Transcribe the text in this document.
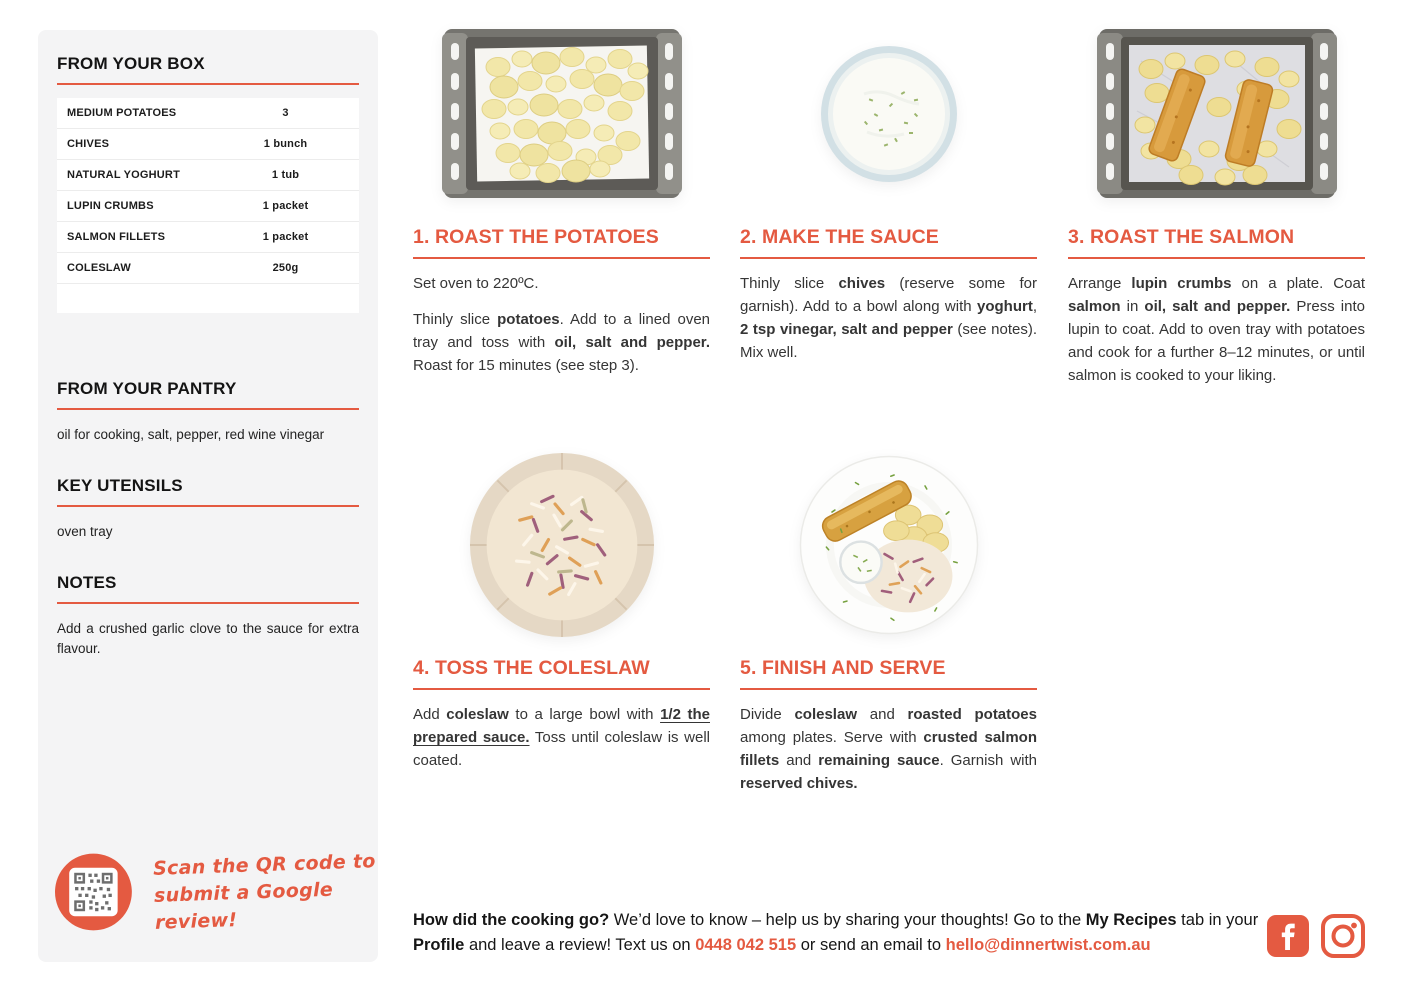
FROM YOUR BOX
MEDIUM POTATOES	3
CHIVES	1 bunch
NATURAL YOGHURT	1 tub
LUPIN CRUMBS	1 packet
SALMON FILLETS	1 packet
COLESLAW	250g
FROM YOUR PANTRY

oil for cooking, salt, pepper, red wine vinegar

KEY UTENSILS

oven tray

NOTES

Add a crushed garlic clove to the sauce for extra flavour.

Scan the QR code to
submit a Google review!
1. ROAST THE POTATOES

Set oven to 220ºC.

Thinly slice potatoes. Add to a lined oven tray and toss with oil, salt and pepper. Roast for 15 minutes (see step 3).

2. MAKE THE SAUCE

Thinly slice chives (reserve some for garnish). Add to a bowl along with yoghurt, 2 tsp vinegar, salt and pepper (see notes). Mix well.

3. ROAST THE SALMON

Arrange lupin crumbs on a plate. Coat salmon in oil, salt and pepper. Press into lupin to coat. Add to oven tray with potatoes and cook for a further 8–12 minutes, or until salmon is cooked to your liking.

4. TOSS THE COLESLAW

Add coleslaw to a large bowl with 1/2 the prepared sauce. Toss until coleslaw is well coated.

5. FINISH AND SERVE

Divide coleslaw and roasted potatoes among plates. Serve with crusted salmon fillets and remaining sauce. Garnish with reserved chives.

How did the cooking go? We’d love to know – help us by sharing your thoughts! Go to the My Recipes tab in your Profile and leave a review! Text us on 0448 042 515 or send an email to hello@dinnertwist.com.au
